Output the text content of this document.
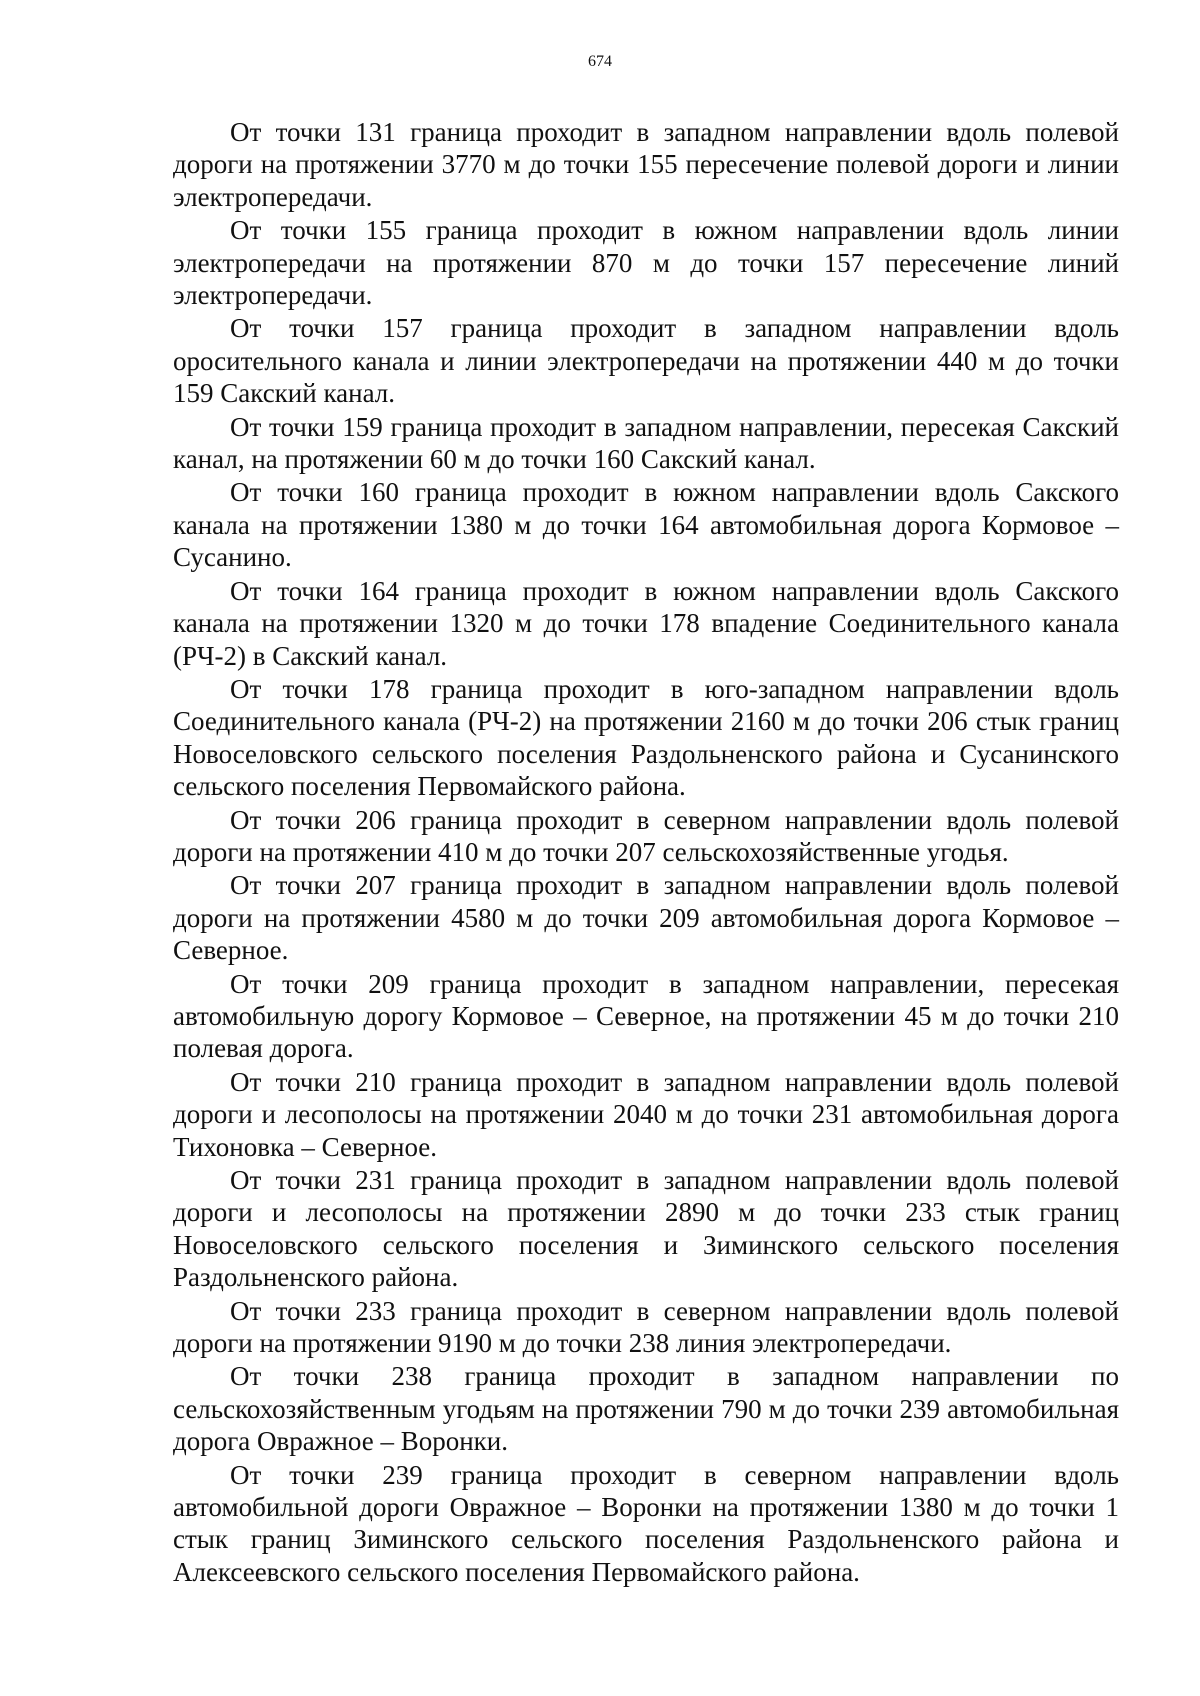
674

От точки 131 граница проходит в западном направлении вдоль полевой дороги на протяжении 3770 м до точки 155 пересечение полевой дороги и линии электропередачи.

От точки 155 граница проходит в южном направлении вдоль линии электропередачи на протяжении 870 м до точки 157 пересечение линий электропередачи.

От точки 157 граница проходит в западном направлении вдоль оросительного канала и линии электропередачи на протяжении 440 м до точки 159 Сакский канал.

От точки 159 граница проходит в западном направлении, пересекая Сакский канал, на протяжении 60 м до точки 160 Сакский канал.

От точки 160 граница проходит в южном направлении вдоль Сакского канала на протяжении 1380 м до точки 164 автомобильная дорога Кормовое – Сусанино.

От точки 164 граница проходит в южном направлении вдоль Сакского канала на протяжении 1320 м до точки 178 впадение Соединительного канала (РЧ-2) в Сакский канал.

От точки 178 граница проходит в юго-западном направлении вдоль Соединительного канала (РЧ-2) на протяжении 2160 м до точки 206 стык границ Новоселовского сельского поселения Раздольненского района и Сусанинского сельского поселения Первомайского района.

От точки 206 граница проходит в северном направлении вдоль полевой дороги на протяжении 410 м до точки 207 сельскохозяйственные угодья.

От точки 207 граница проходит в западном направлении вдоль полевой дороги на протяжении 4580 м до точки 209 автомобильная дорога Кормовое – Северное.

От точки 209 граница проходит в западном направлении, пересекая автомобильную дорогу Кормовое – Северное, на протяжении 45 м до точки 210 полевая дорога.

От точки 210 граница проходит в западном направлении вдоль полевой дороги и лесополосы на протяжении 2040 м до точки 231 автомобильная дорога Тихоновка – Северное.

От точки 231 граница проходит в западном направлении вдоль полевой дороги и лесополосы на протяжении 2890 м до точки 233 стык границ Новоселовского сельского поселения и Зиминского сельского поселения Раздольненского района.

От точки 233 граница проходит в северном направлении вдоль полевой дороги на протяжении 9190 м до точки 238 линия электропередачи.

От точки 238 граница проходит в западном направлении по сельскохозяйственным угодьям на протяжении 790 м до точки 239 автомобильная дорога Овражное – Воронки.

От точки 239 граница проходит в северном направлении вдоль автомобильной дороги Овражное – Воронки на протяжении 1380 м до точки 1 стык границ Зиминского сельского поселения Раздольненского района и Алексеевского сельского поселения Первомайского района.
